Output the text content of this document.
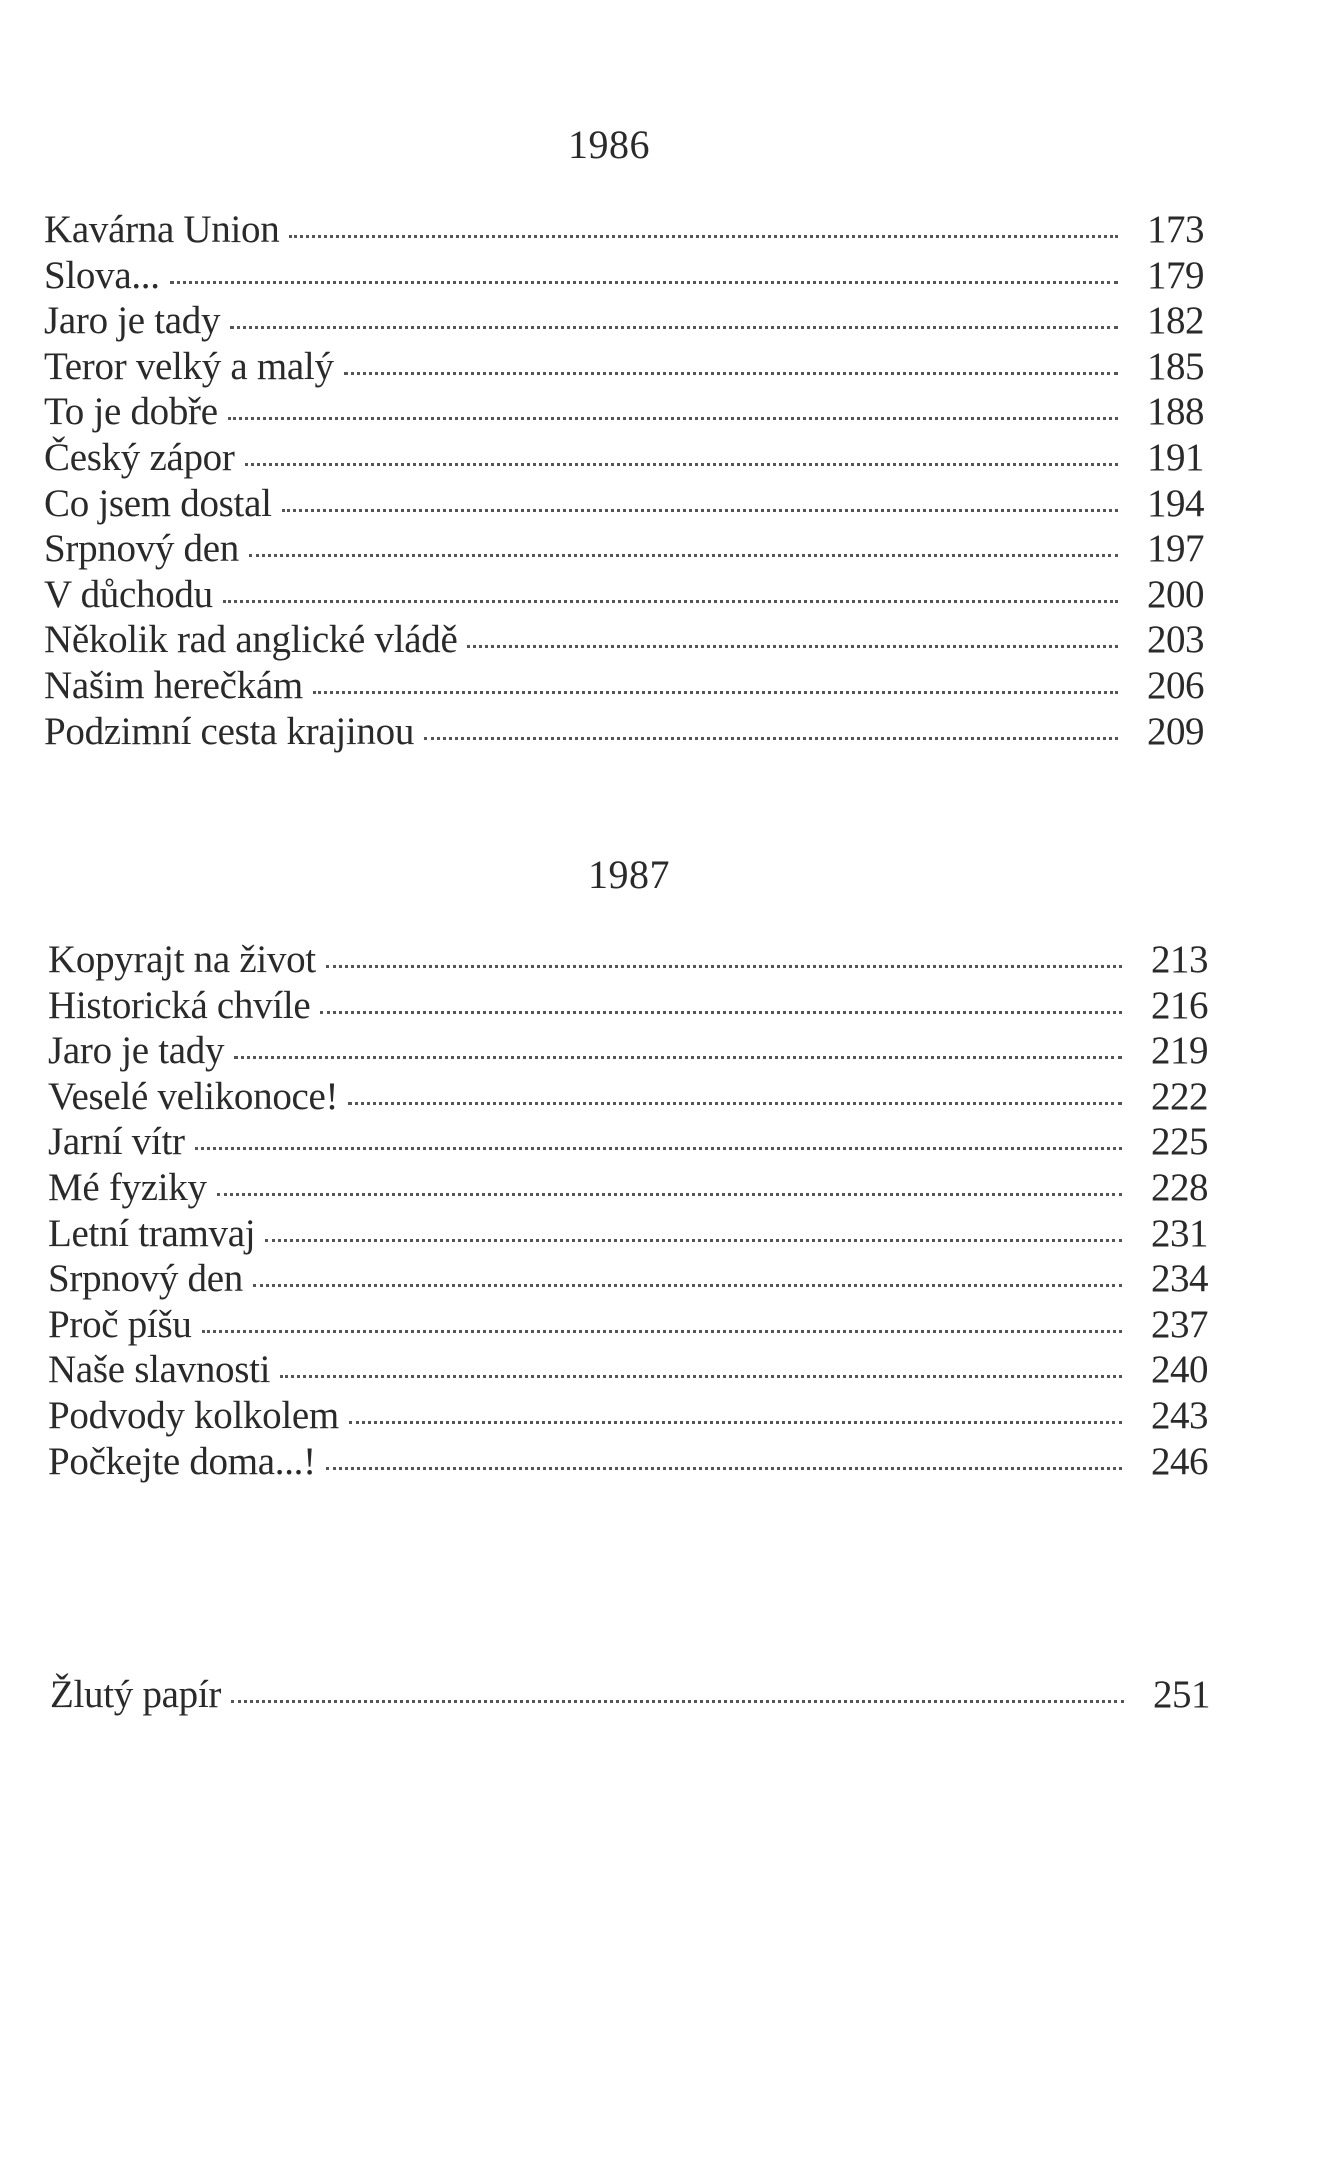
1986
Kavárna Union	173
Slova...	179
Jaro je tady	182
Teror velký a malý	185
To je dobře	188
Český zápor	191
Co jsem dostal	194
Srpnový den	197
V důchodu	200
Několik rad anglické vládě	203
Našim herečkám	206
Podzimní cesta krajinou	209
1987
Kopyrajt na život	213
Historická chvíle	216
Jaro je tady	219
Veselé velikonoce!	222
Jarní vítr	225
Mé fyziky	228
Letní tramvaj	231
Srpnový den	234
Proč píšu	237
Naše slavnosti	240
Podvody kolkolem	243
Počkejte doma...!	246
Žlutý papír	251
